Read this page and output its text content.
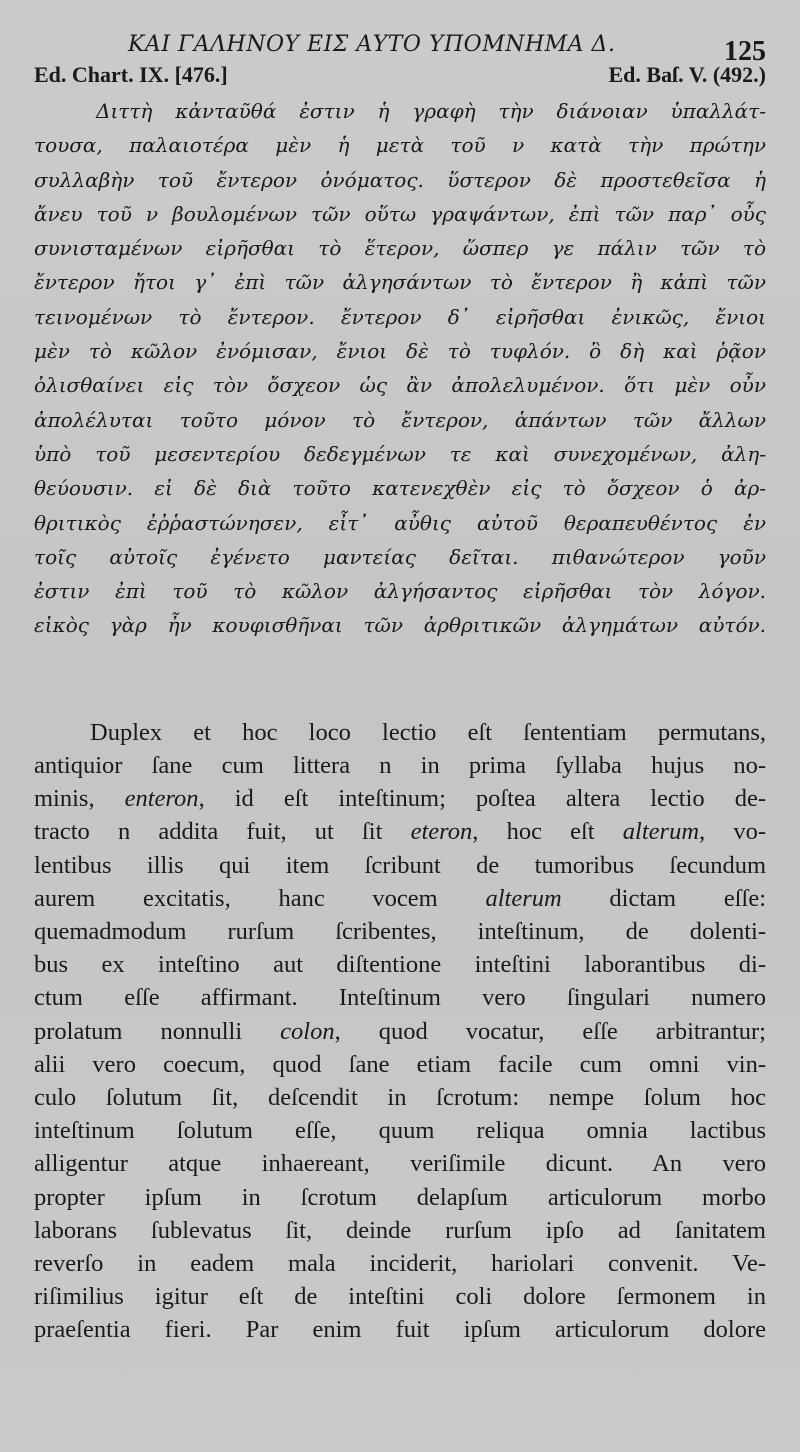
ΚΑΙ ΓΑΛΗΝΟΥ ΕΙΣ ΑΥΤΟ ΥΠΟΜΝΗΜΑ Δ.	125
Ed. Chart. IX. [476.]	Ed. Baſ. V. (492.)
Διττὴ κἀνταῦθά ἐστιν ἡ γραφὴ τὴν διάνοιαν ὑπαλλάτ-
τουσα, παλαιοτέρα μὲν ἡ μετὰ τοῦ ν κατὰ τὴν πρώτην
συλλαβὴν τοῦ ἔντερον ὀνόματος. ὕστερον δὲ προστεθεῖσα ἡ
ἄνευ τοῦ ν βουλομένων τῶν οὕτω γραψάντων, ἐπὶ τῶν παρ᾽ οὖς
συνισταμένων εἰρῆσθαι τὸ ἕτερον, ὥσπερ γε πάλιν τῶν τὸ
ἔντερον ἤτοι γ᾽ ἐπὶ τῶν ἀλγησάντων τὸ ἔντερον ἢ κἀπὶ τῶν
τεινομένων τὸ ἔντερον. ἔντερον δ᾽ εἰρῆσθαι ἐνικῶς, ἔνιοι
μὲν τὸ κῶλον ἐνόμισαν, ἔνιοι δὲ τὸ τυφλόν. ὃ δὴ καὶ ῥᾷον
ὀλισθαίνει εἰς τὸν ὄσχεον ὡς ἂν ἀπολελυμένον. ὅτι μὲν οὖν
ἀπολέλυται τοῦτο μόνον τὸ ἔντερον, ἁπάντων τῶν ἄλλων
ὑπὸ τοῦ μεσεντερίου δεδεγμένων τε καὶ συνεχομένων, ἀλη-
θεύουσιν. εἰ δὲ διὰ τοῦτο κατενεχθὲν εἰς τὸ ὄσχεον ὁ ἀρ-
θριτικὸς ἐῤῥαστώνησεν, εἶτ᾽ αὖθις αὐτοῦ θεραπευθέντος ἐν
τοῖς αὐτοῖς ἐγένετο μαντείας δεῖται. πιθανώτερον γοῦν
ἐστιν ἐπὶ τοῦ τὸ κῶλον ἀλγήσαντος εἰρῆσθαι τὸν λόγον.
εἰκὸς γὰρ ἦν κουφισθῆναι τῶν ἀρθριτικῶν ἀλγημάτων αὐτόν.
Duplex et hoc loco lectio eſt ſententiam permutans,
antiquior ſane cum littera n in prima ſyllaba hujus no-
minis, enteron, id eſt inteſtinum; poſtea altera lectio de-
tracto n addita fuit, ut ſit eteron, hoc eſt alterum, vo-
lentibus illis qui item ſcribunt de tumoribus ſecundum
aurem excitatis, hanc vocem alterum dictam eſſe:
quemadmodum rurſum ſcribentes, inteſtinum, de dolenti-
bus ex inteſtino aut diſtentione inteſtini laborantibus di-
ctum eſſe affirmant. Inteſtinum vero ſingulari numero
prolatum nonnulli colon, quod vocatur, eſſe arbitrantur;
alii vero coecum, quod ſane etiam facile cum omni vin-
culo ſolutum ſit, deſcendit in ſcrotum: nempe ſolum hoc
inteſtinum ſolutum eſſe, quum reliqua omnia lactibus
alligentur atque inhaereant, veriſimile dicunt. An vero
propter ipſum in ſcrotum delapſum articulorum morbo
laborans ſublevatus ſit, deinde rurſum ipſo ad ſanitatem
reverſo in eadem mala inciderit, hariolari convenit. Ve-
riſimilius igitur eſt de inteſtini coli dolore ſermonem in
praeſentia fieri. Par enim fuit ipſum articulorum dolore
